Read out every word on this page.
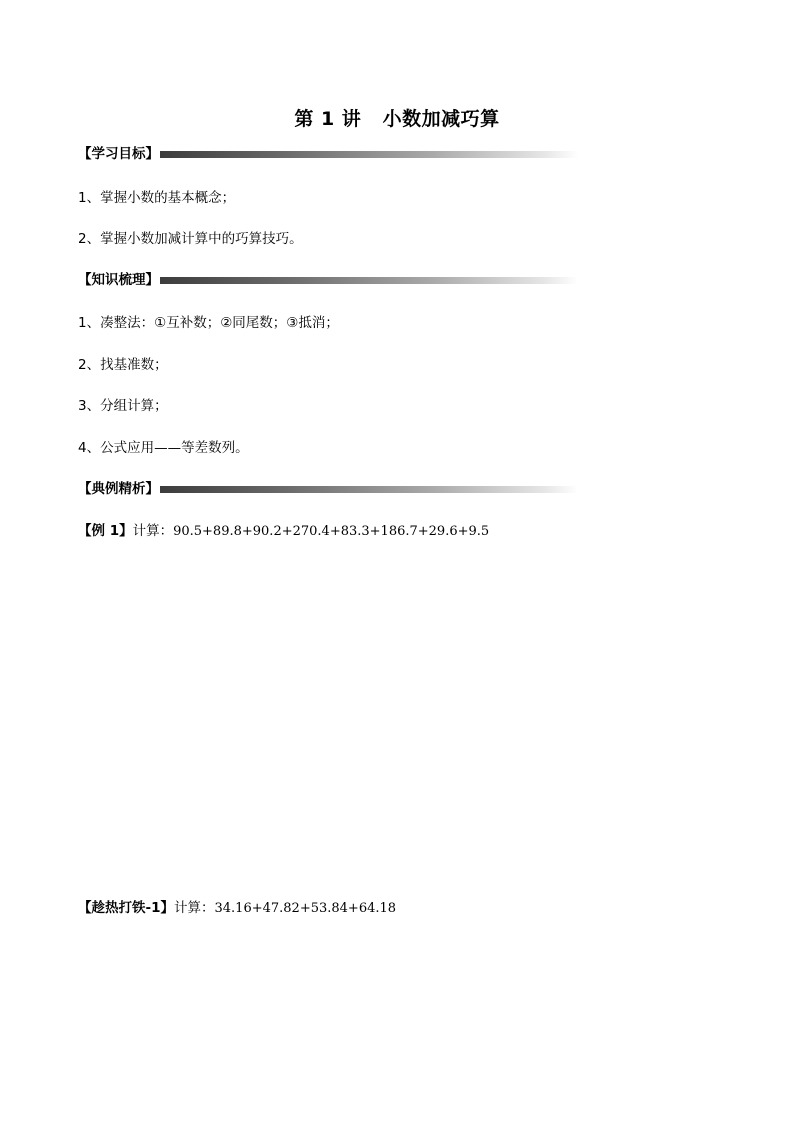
第 1 讲   小数加减巧算
【学习目标】
1、掌握小数的基本概念；
2、掌握小数加减计算中的巧算技巧。
【知识梳理】
1、凑整法：①互补数；②同尾数；③抵消；
2、找基准数；
3、分组计算；
4、公式应用——等差数列。
【典例精析】
【例 1】计算：90.5+89.8+90.2+270.4+83.3+186.7+29.6+9.5
【趁热打铁-1】计算：34.16+47.82+53.84+64.18
